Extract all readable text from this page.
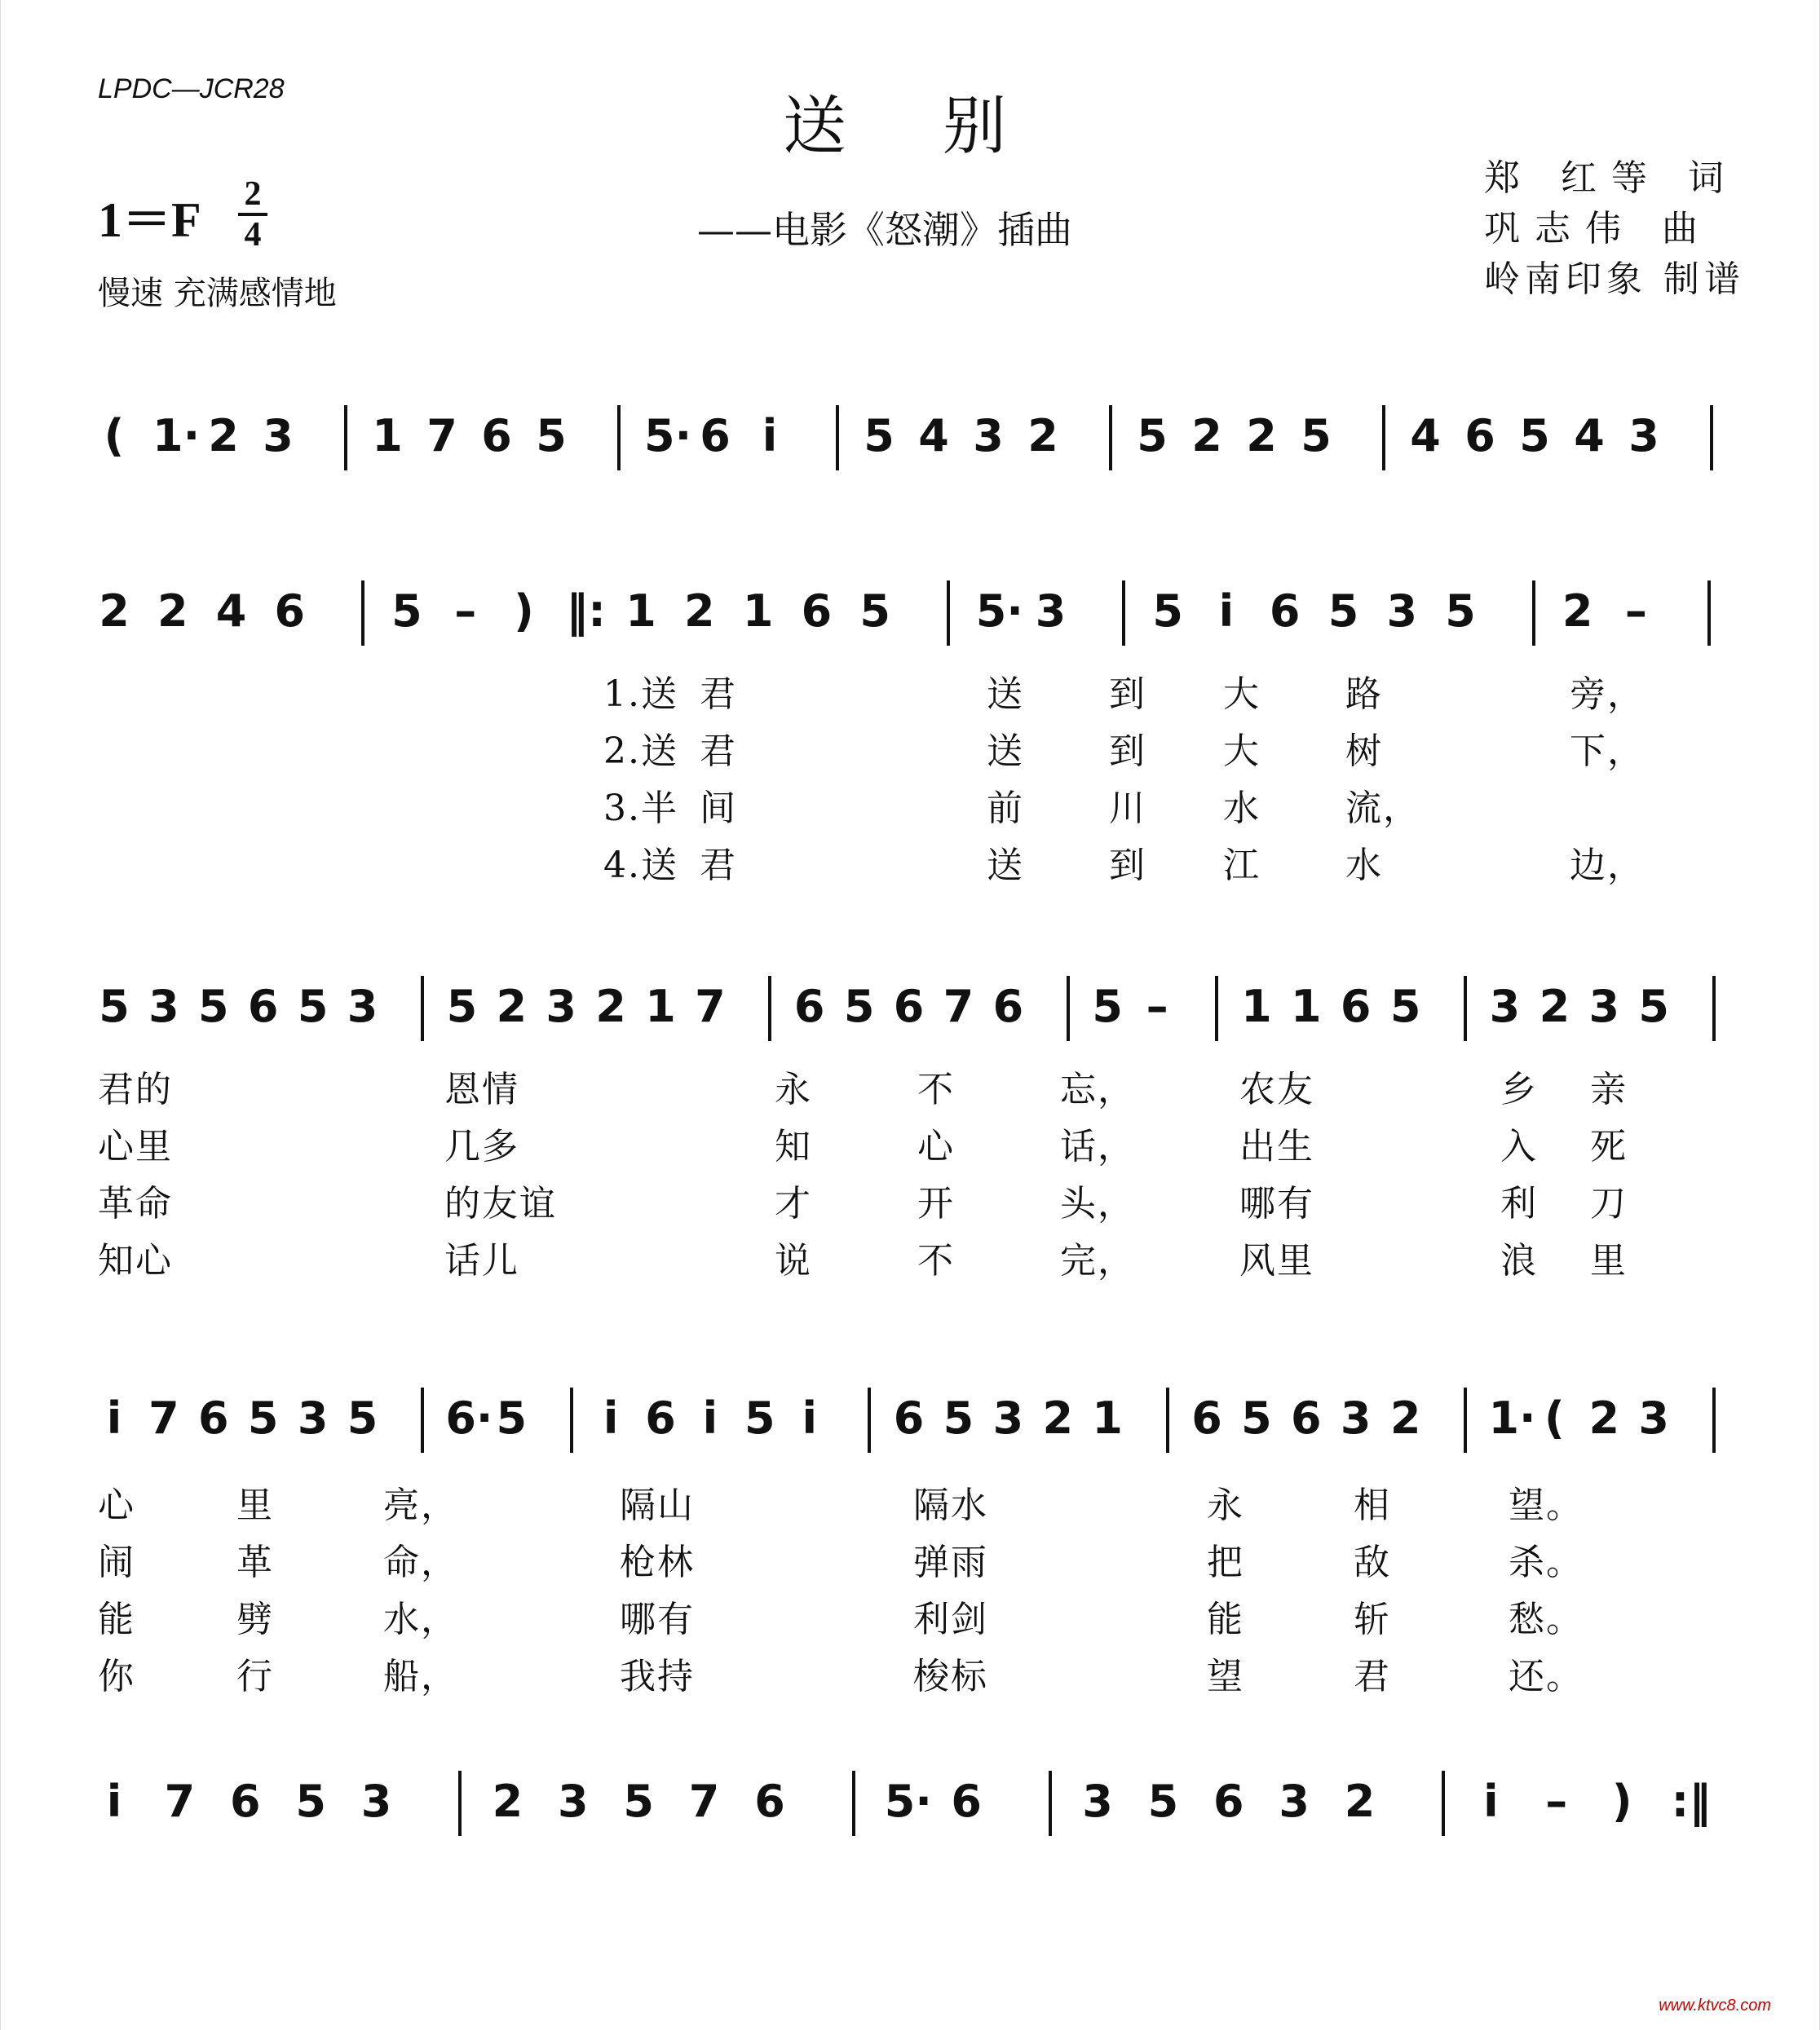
LPDC—JCR28
送别
——电影《怒潮》插曲
郑 红等 词
巩志伟 曲
岭南印象 制谱
1＝F 2
4
慢速 充满感情地
( 1· 2 3 1 7 6 5 5· 6 i 5 4 3 2 5 2 2 5 4 6 5 4 3
2 2 4 6 5 – ) ‖: 1 2 1 6 5 5· 3 5 i 6 5 3 5 2 –
1.送 君	送 到 大 路	旁，
2.送 君	送 到 大 树	下，
3.半 间	前 川 水 流，
4.送 君	送 到 江 水	边，
5 3 5 6 5 3 5 2 3 2 1 7 6 5 6 7 6 5 – 1 1 6 5 3 2 3 5
君的	恩情	永	不	忘，	农友	乡 亲
心里	几多	知	心	话，	出生	入 死
革命	的友谊	才	开	头，	哪有	利 刀
知心	话儿	说	不	完，	风里	浪 里
i 7 6 5 3 5 6· 5 i 6 i 5 i 6 5 3 2 1 6 5 6 3 2 1· ( 2 3
心	里	亮，	隔山	隔水	永	相	望。
闹	革	命，	枪林	弹雨	把	敌	杀。
能	劈	水，	哪有	利剑	能	斩	愁。
你	行	船，	我持	梭标	望	君	还。
i 7 6 5 3 2 3 5 7 6 5· 6 3 5 6 3 2 i – ) :‖
www.ktvc8.com
